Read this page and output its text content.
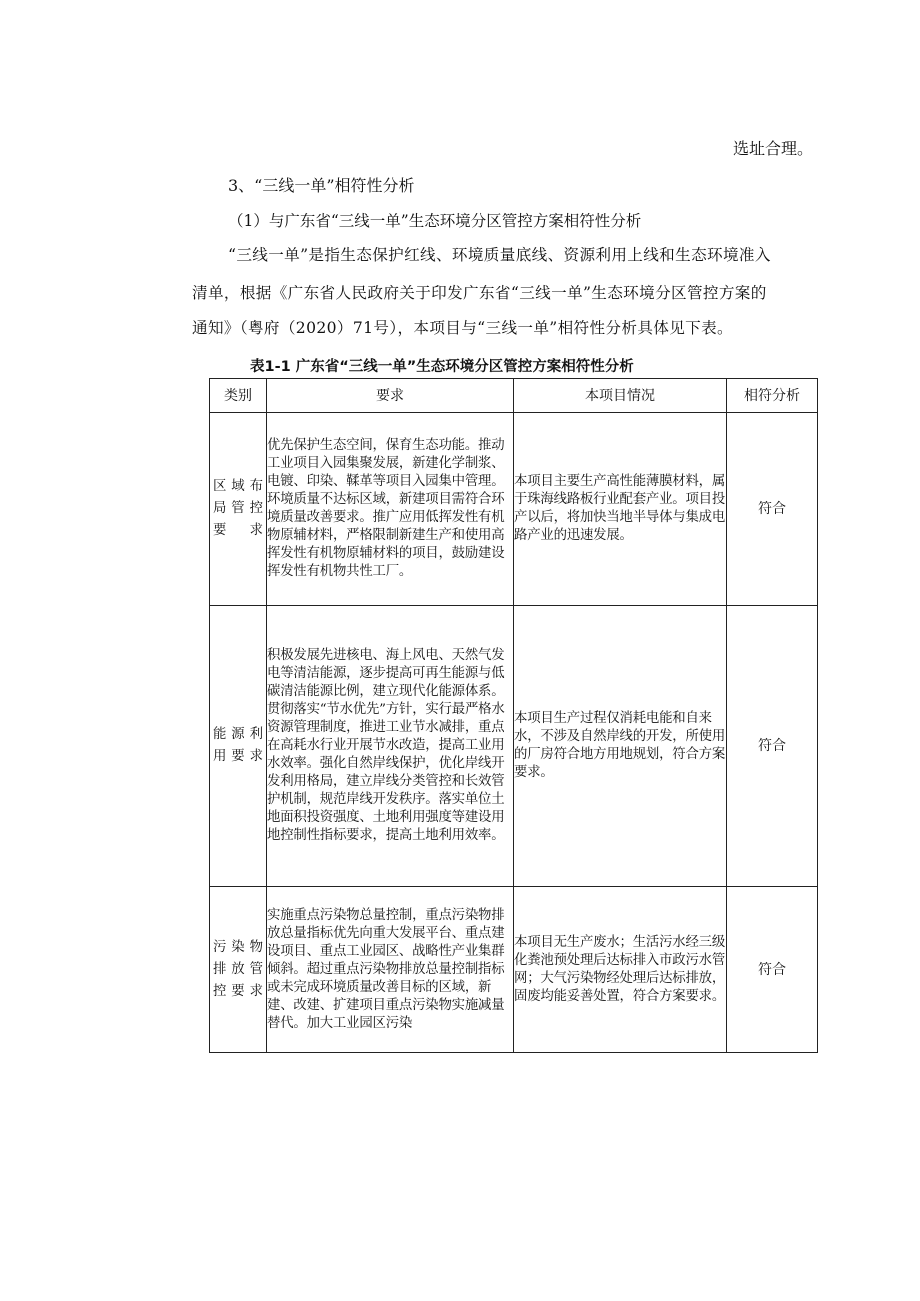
选址合理。
3、“三线一单”相符性分析
（1）与广东省“三线一单”生态环境分区管控方案相符性分析
“三线一单”是指生态保护红线、环境质量底线、资源利用上线和生态环境准入
清单，根据《广东省人民政府关于印发广东省“三线一单”生态环境分区管控方案的
通知》（粤府（2020）71号），本项目与“三线一单”相符性分析具体见下表。
表1-1 广东省“三线一单”生态环境分区管控方案相符性分析
类别	要求	本项目情况	相符分析
区域布局管控要求	优先保护生态空间，保育生态功能。推动工业项目入园集聚发展，新建化学制浆、电镀、印染、鞣革等项目入园集中管理。环境质量不达标区域，新建项目需符合环境质量改善要求。推广应用低挥发性有机物原辅材料，严格限制新建生产和使用高挥发性有机物原辅材料的项目，鼓励建设挥发性有机物共性工厂。	本项目主要生产高性能薄膜材料，属于珠海线路板行业配套产业。项目投产以后，将加快当地半导体与集成电路产业的迅速发展。	符合
能源利用要求	积极发展先进核电、海上风电、天然气发电等清洁能源，逐步提高可再生能源与低碳清洁能源比例，建立现代化能源体系。贯彻落实“节水优先”方针，实行最严格水资源管理制度，推进工业节水减排，重点在高耗水行业开展节水改造，提高工业用水效率。强化自然岸线保护，优化岸线开发利用格局，建立岸线分类管控和长效管护机制，规范岸线开发秩序。落实单位土地面积投资强度、土地利用强度等建设用地控制性指标要求，提高土地利用效率。	本项目生产过程仅消耗电能和自来水，不涉及自然岸线的开发，所使用的厂房符合地方用地规划，符合方案要求。	符合
污染物排放管控要求	实施重点污染物总量控制，重点污染物排放总量指标优先向重大发展平台、重点建设项目、重点工业园区、战略性产业集群倾斜。超过重点污染物排放总量控制指标或未完成环境质量改善目标的区域，新建、改建、扩建项目重点污染物实施减量替代。加大工业园区污染	本项目无生产废水；生活污水经三级化粪池预处理后达标排入市政污水管网；大气污染物经处理后达标排放，固废均能妥善处置，符合方案要求。	符合
